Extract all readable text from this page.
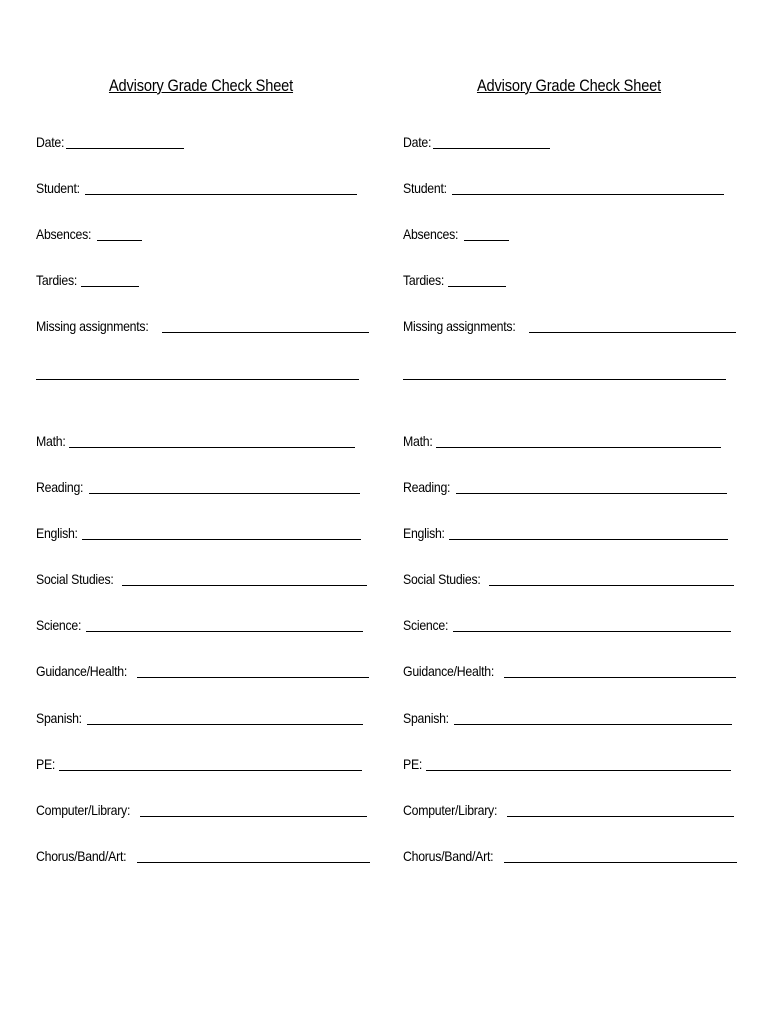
Advisory Grade Check Sheet
Date:
Student:
Absences:
Tardies:
Missing assignments:
Math:
Reading:
English:
Social Studies:
Science:
Guidance/Health:
Spanish:
PE:
Computer/Library:
Chorus/Band/Art:
Advisory Grade Check Sheet
Date:
Student:
Absences:
Tardies:
Missing assignments:
Math:
Reading:
English:
Social Studies:
Science:
Guidance/Health:
Spanish:
PE:
Computer/Library:
Chorus/Band/Art:
